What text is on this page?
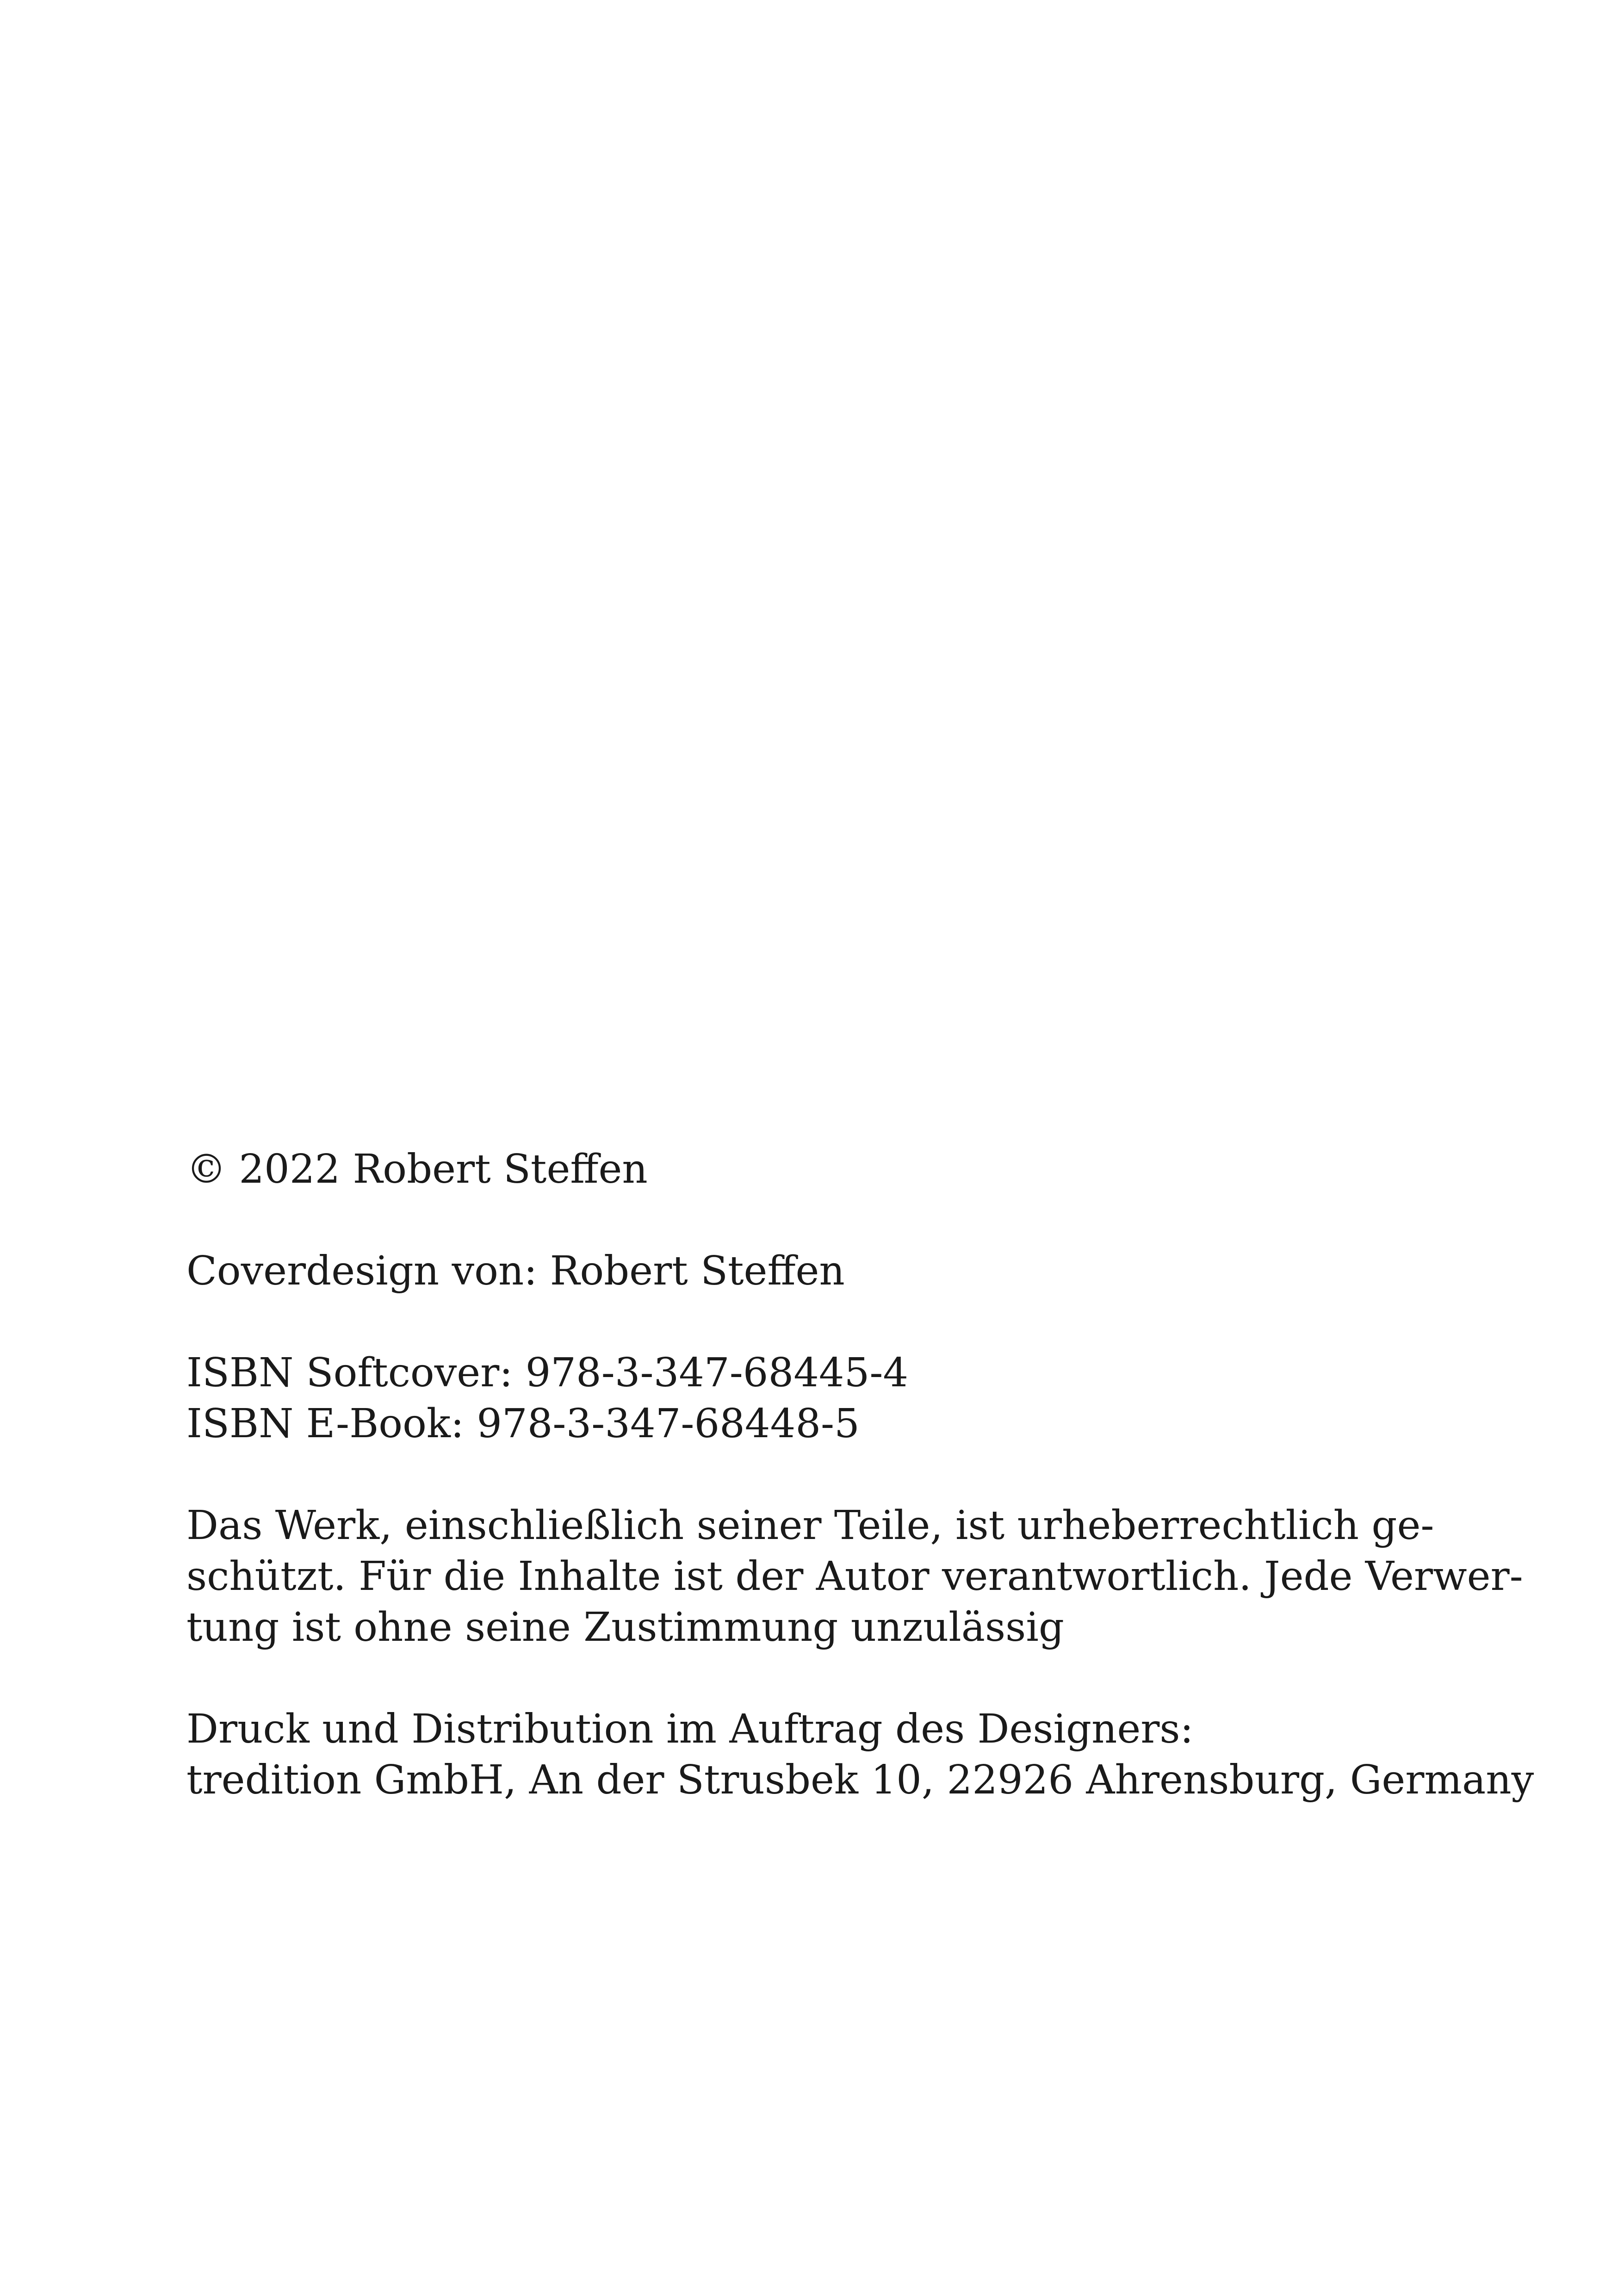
© 2022 Robert Steffen

Coverdesign von: Robert Steffen

ISBN Softcover: 978-3-347-68445-4
ISBN E-Book: 978-3-347-68448-5

Das Werk, einschließlich seiner Teile, ist urheberrechtlich ge-
schützt. Für die Inhalte ist der Autor verantwortlich. Jede Verwer-
tung ist ohne seine Zustimmung unzulässig

Druck und Distribution im Auftrag des Designers:
tredition GmbH, An der Strusbek 10, 22926 Ahrensburg, Germany
